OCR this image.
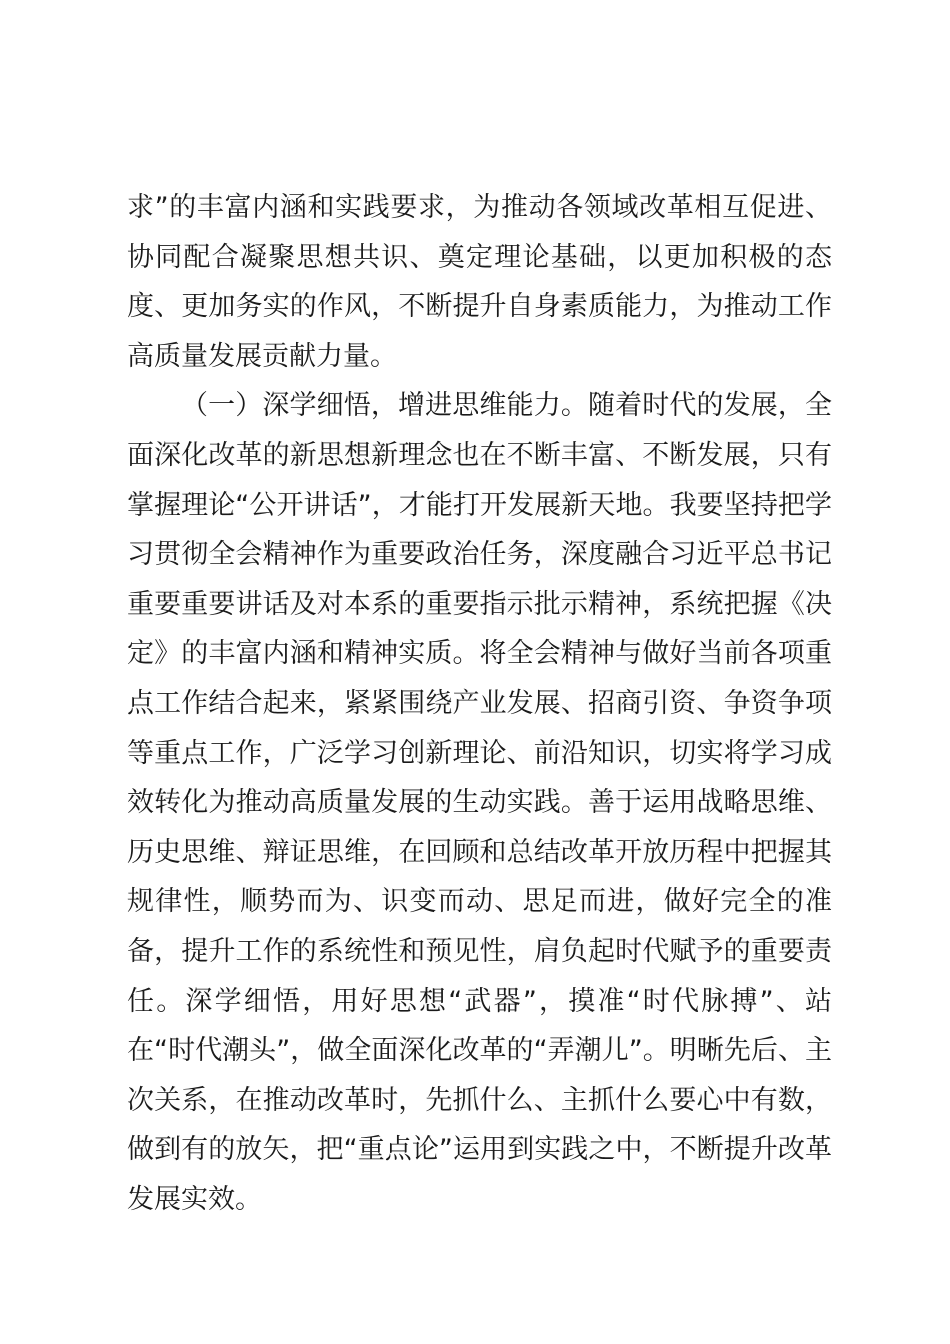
求”的丰富内涵和实践要求，为推动各领域改革相互促进、协同配合凝聚思想共识、奠定理论基础，以更加积极的态度、更加务实的作风，不断提升自身素质能力，为推动工作高质量发展贡献力量。

（一）深学细悟，增进思维能力。随着时代的发展，全面深化改革的新思想新理念也在不断丰富、不断发展，只有掌握理论“公开讲话”，才能打开发展新天地。我要坚持把学习贯彻全会精神作为重要政治任务，深度融合习近平总书记重要重要讲话及对本系的重要指示批示精神，系统把握《决定》的丰富内涵和精神实质。将全会精神与做好当前各项重点工作结合起来，紧紧围绕产业发展、招商引资、争资争项等重点工作，广泛学习创新理论、前沿知识，切实将学习成效转化为推动高质量发展的生动实践。善于运用战略思维、历史思维、辩证思维，在回顾和总结改革开放历程中把握其规律性，顺势而为、识变而动、思足而进，做好完全的准备，提升工作的系统性和预见性，肩负起时代赋予的重要责任。深学细悟，用好思想“武器”，摸准“时代脉搏”、站在“时代潮头”，做全面深化改革的“弄潮儿”。明晰先后、主次关系，在推动改革时，先抓什么、主抓什么要心中有数，做到有的放矢，把“重点论”运用到实践之中，不断提升改革发展实效。
